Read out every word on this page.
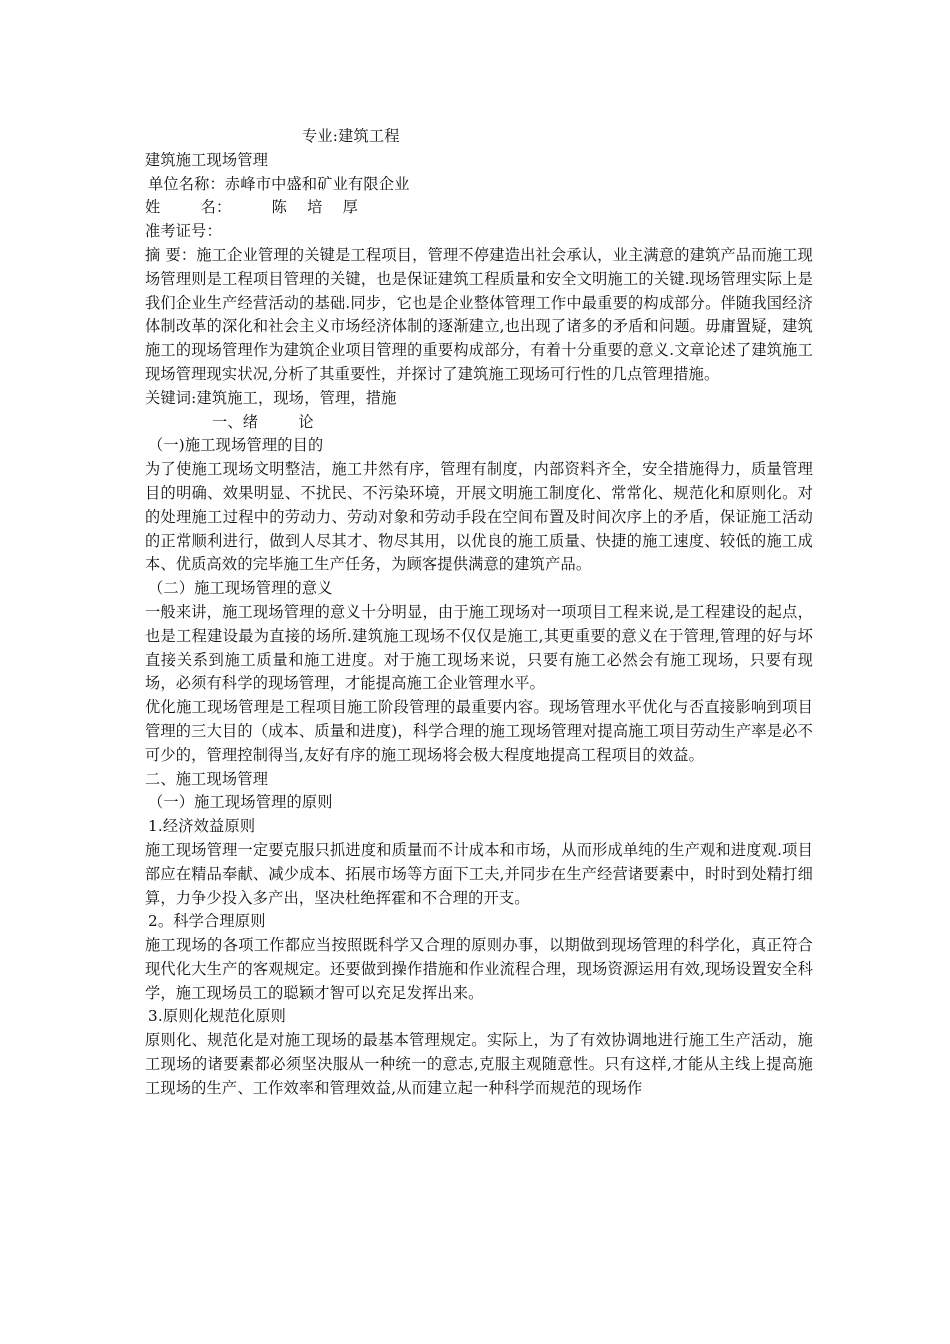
专业:建筑工程
建筑施工现场管理
单位名称：赤峰市中盛和矿业有限企业
姓        名：        陈    培    厚
准考证号：
摘 要：施工企业管理的关键是工程项目，管理不停建造出社会承认，业主满意的建筑产品而施工现场管理则是工程项目管理的关键，也是保证建筑工程质量和安全文明施工的关键.现场管理实际上是我们企业生产经营活动的基础.同步，它也是企业整体管理工作中最重要的构成部分。伴随我国经济体制改革的深化和社会主义市场经济体制的逐渐建立,也出现了诸多的矛盾和问题。毋庸置疑，建筑施工的现场管理作为建筑企业项目管理的重要构成部分，有着十分重要的意义.文章论述了建筑施工现场管理现实状况,分析了其重要性，并探讨了建筑施工现场可行性的几点管理措施。
关键词:建筑施工，现场，管理，措施
一、绪        论
（一)施工现场管理的目的
为了使施工现场文明整洁，施工井然有序，管理有制度，内部资料齐全，安全措施得力，质量管理目的明确、效果明显、不扰民、不污染环境，开展文明施工制度化、常常化、规范化和原则化。对的处理施工过程中的劳动力、劳动对象和劳动手段在空间布置及时间次序上的矛盾，保证施工活动的正常顺利进行，做到人尽其才、物尽其用，以优良的施工质量、快捷的施工速度、较低的施工成本、优质高效的完毕施工生产任务，为顾客提供满意的建筑产品。
（二）施工现场管理的意义
一般来讲，施工现场管理的意义十分明显，由于施工现场对一项项目工程来说,是工程建设的起点，也是工程建设最为直接的场所.建筑施工现场不仅仅是施工,其更重要的意义在于管理,管理的好与坏直接关系到施工质量和施工进度。对于施工现场来说，只要有施工必然会有施工现场，只要有现场，必须有科学的现场管理，才能提高施工企业管理水平。
优化施工现场管理是工程项目施工阶段管理的最重要内容。现场管理水平优化与否直接影响到项目管理的三大目的（成本、质量和进度)，科学合理的施工现场管理对提高施工项目劳动生产率是必不可少的，管理控制得当,友好有序的施工现场将会极大程度地提高工程项目的效益。
二、施工现场管理
（一）施工现场管理的原则
1.经济效益原则
施工现场管理一定要克服只抓进度和质量而不计成本和市场，从而形成单纯的生产观和进度观.项目部应在精品奉献、减少成本、拓展市场等方面下工夫,并同步在生产经营诸要素中，时时到处精打细算，力争少投入多产出，坚决杜绝挥霍和不合理的开支。
2。科学合理原则
施工现场的各项工作都应当按照既科学又合理的原则办事，以期做到现场管理的科学化，真正符合现代化大生产的客观规定。还要做到操作措施和作业流程合理，现场资源运用有效,现场设置安全科学，施工现场员工的聪颖才智可以充足发挥出来。
3.原则化规范化原则
原则化、规范化是对施工现场的最基本管理规定。实际上，为了有效协调地进行施工生产活动，施工现场的诸要素都必须坚决服从一种统一的意志,克服主观随意性。只有这样,才能从主线上提高施工现场的生产、工作效率和管理效益,从而建立起一种科学而规范的现场作
